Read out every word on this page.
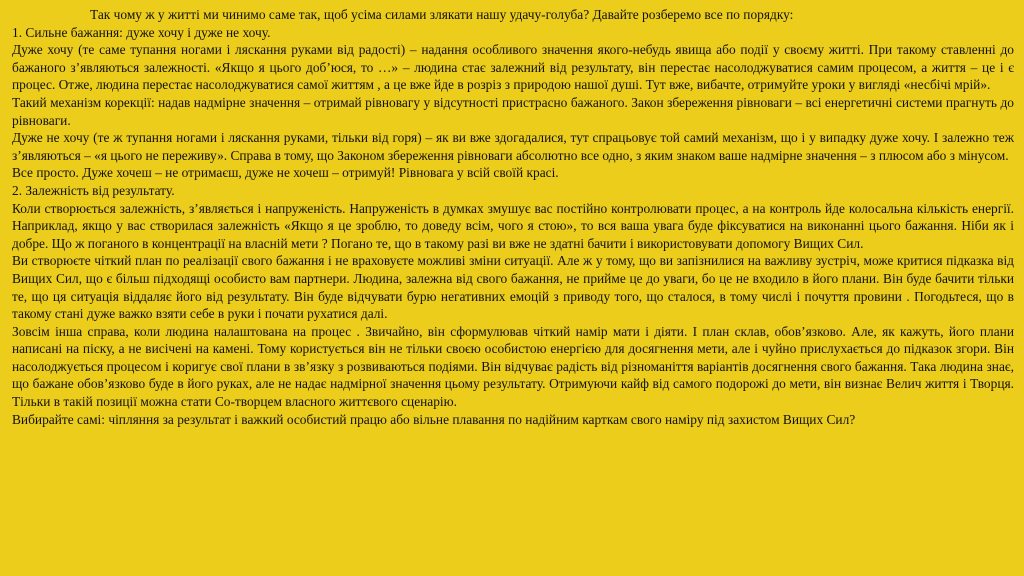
Так чому ж у житті ми чинимо саме так, щоб усіма силами злякати нашу удачу-голуба? Давайте розберемо все по порядку:

1. Сильне бажання: дуже хочу і дуже не хочу.

Дуже хочу (те саме тупання ногами і ляскання руками від радості) – надання особливого значення якого-небудь явища або події у своєму житті. При такому ставленні до бажаного з’являються залежності. «Якщо я цього доб’юся, то …» – людина стає залежний від результату, він перестає насолоджуватися самим процесом, а життя – це і є процес. Отже, людина перестає насолоджуватися самої життям , а це вже йде в розріз з природою нашої душі. Тут вже, вибачте, отримуйте уроки у вигляді «несбічі мрій».

Такий механізм корекції: надав надмірне значення – отримай рівновагу у відсутності пристрасно бажаного. Закон збереження рівноваги – всі енергетичні системи прагнуть до рівноваги.

Дуже не хочу (те ж тупання ногами і ляскання руками, тільки від горя) – як ви вже здогадалися, тут спрацьовує той самий механізм, що і у випадку дуже хочу. І залежно теж з’являються – «я цього не переживу». Справа в тому, що Законом збереження рівноваги абсолютно все одно, з яким знаком ваше надмірне значення – з плюсом або з мінусом.

Все просто. Дуже хочеш – не отримаєш, дуже не хочеш – отримуй! Рівновага у всій своїй красі.

2. Залежність від результату.

Коли створюється залежність, з’являється і напруженість. Напруженість в думках змушує вас постійно контролювати процес, а на контроль йде колосальна кількість енергії. Наприклад, якщо у вас створилася залежність «Якщо я це зроблю, то доведу всім, чого я стою», то вся ваша увага буде фіксуватися на виконанні цього бажання. Ніби як і добре. Що ж поганого в концентрації на власній мети ? Погано те, що в такому разі ви вже не здатні бачити і використовувати допомогу Вищих Сил.

Ви створюєте чіткий план по реалізації свого бажання і не враховуєте можливі зміни ситуації. Але ж у тому, що ви запізнилися на важливу зустріч, може критися підказка від Вищих Сил, що є більш підходящі особисто вам партнери. Людина, залежна від свого бажання, не прийме це до уваги, бо це не входило в його плани. Він буде бачити тільки те, що ця ситуація віддаляє його від результату. Він буде відчувати бурю негативних емоцій з приводу того, що сталося, в тому числі і почуття провини . Погодьтеся, що в такому стані дуже важко взяти себе в руки і почати рухатися далі.

Зовсім інша справа, коли людина налаштована на процес . Звичайно, він сформулював чіткий намір мати і діяти. І план склав, обов’язково. Але, як кажуть, його плани написані на піску, а не висічені на камені. Тому користується він не тільки своєю особистою енергією для досягнення мети, але і чуйно прислухається до підказок згори. Він насолоджується процесом і коригує свої плани в зв’язку з розвиваються подіями. Він відчуває радість від різноманіття варіантів досягнення свого бажання. Така людина знає, що бажане обов’язково буде в його руках, але не надає надмірної значення цьому результату. Отримуючи кайф від самого подорожі до мети, він визнає Велич життя і Творця. Тільки в такій позиції можна стати Со-творцем власного життєвого сценарію.

Вибирайте самі: чіпляння за результат і важкий особистий працю або вільне плавання по надійним карткам свого наміру під захистом Вищих Сил?
